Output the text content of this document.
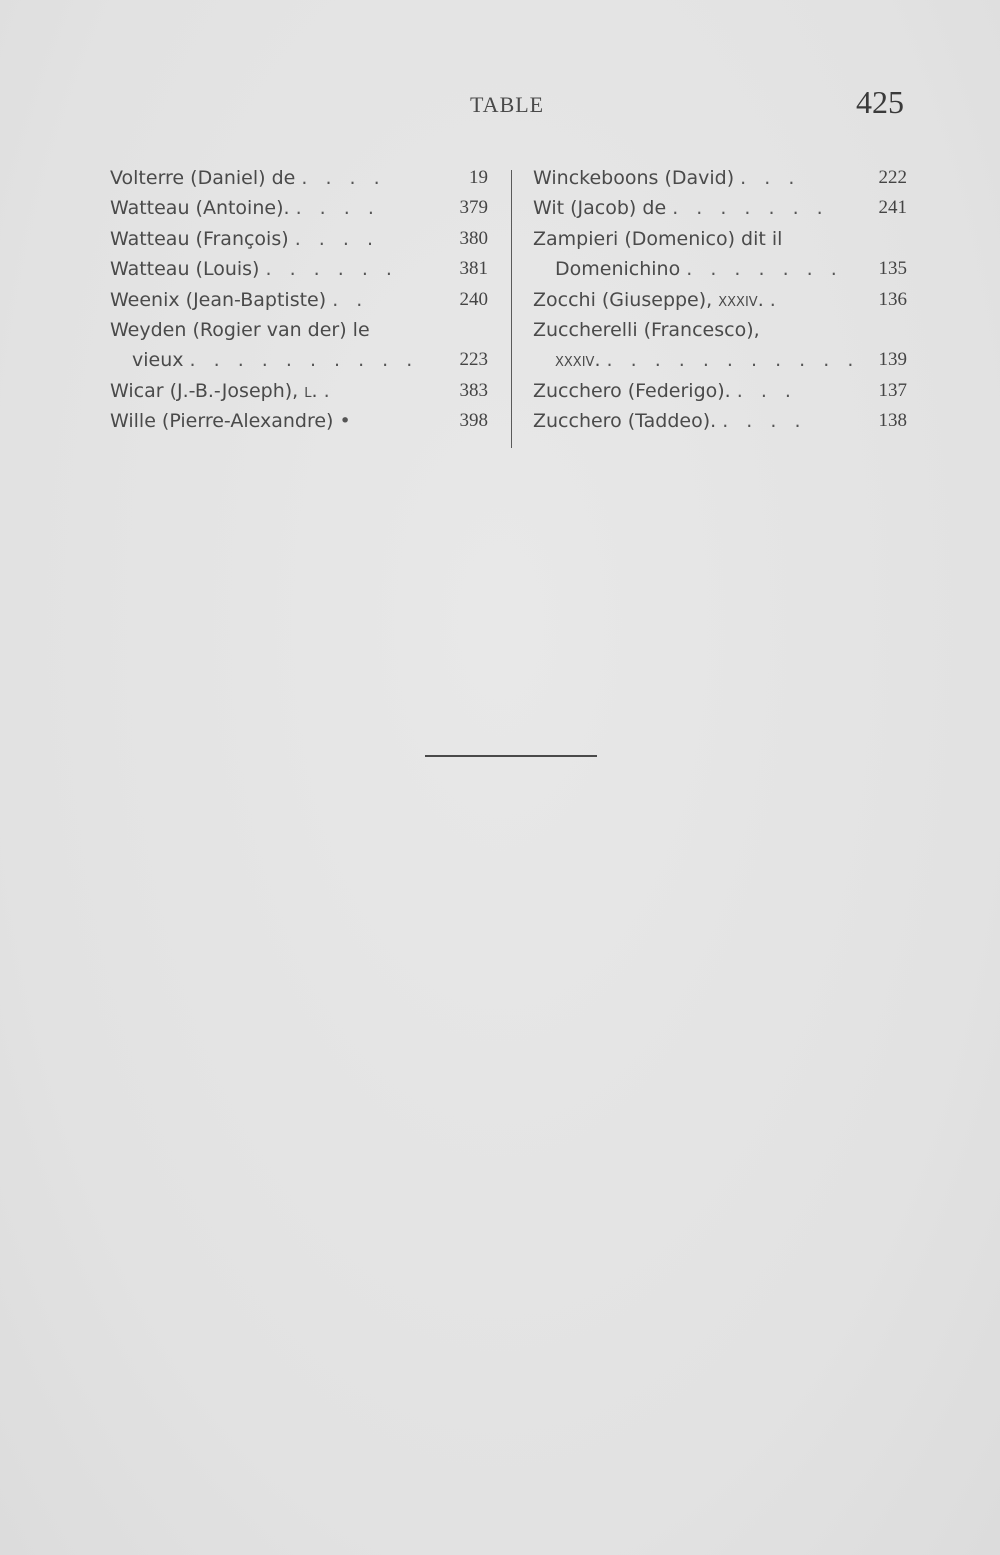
TABLE	425
Volterre (Daniel) de . . . .	19
Watteau (Antoine). . . . .	379
Watteau (François) . . . .	380
Watteau (Louis) . . . . . .	381
Weenix (Jean-Baptiste) . .	240
Weyden (Rogier van der) le
vieux . . . . . . . . . . 223
Wicar (J.-B.-Joseph), l. .	383
Wille (Pierre-Alexandre) •	398
Winckeboons (David) . . .	222
Wit (Jacob) de . . . . . . .	241
Zampieri (Domenico) dit il
Domenichino . . . . . . . 135
Zocchi (Giuseppe), xxxiv. .	136
Zuccherelli (Francesco),
xxxiv. . . . . . . . . . . . 139
Zucchero (Federigo). . . .	137
Zucchero (Taddeo). . . . .	138
